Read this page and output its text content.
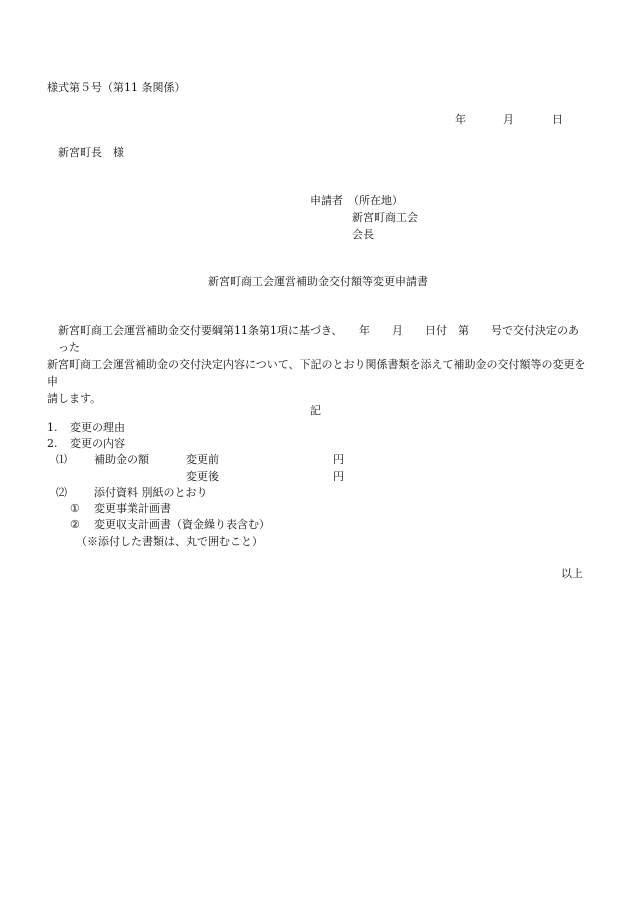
様式第５号（第11 条関係）
年	月	日
新宮町長　様
申請者 （所在地）
新宮町商工会
会長
新宮町商工会運営補助金交付額等変更申請書
新宮町商工会運営補助金交付要綱第11条第1項に基づき、　　年　　月　　日付　第　　号で交付決定のあった
新宮町商工会運営補助金の交付決定内容について、下記のとおり関係書類を添えて補助金の交付額等の変更を申
請します。
記
1. 変更の理由
2. 変更の内容
⑴ 補助金の額	変更前	円
変更後	円
⑵ 添付資料 別紙のとおり
① 変更事業計画書
② 変更収支計画書（資金繰り表含む）
（※添付した書類は、丸で囲むこと）
以上
